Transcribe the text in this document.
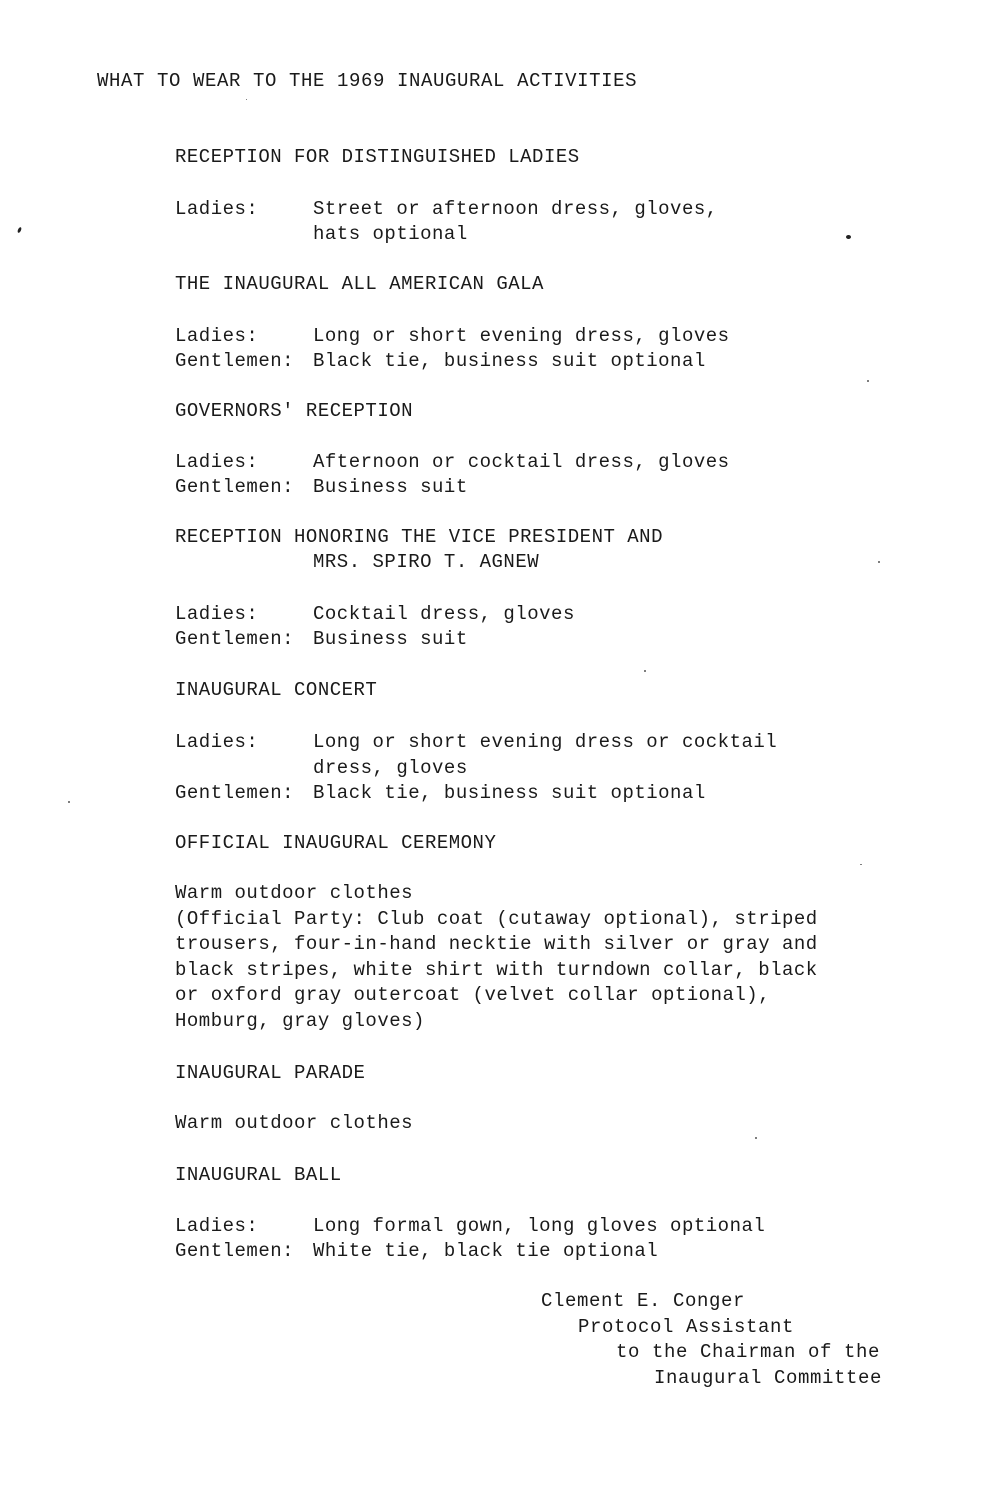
WHAT TO WEAR TO THE 1969 INAUGURAL ACTIVITIES
RECEPTION FOR DISTINGUISHED LADIES
Ladies:	Street or afternoon dress, gloves,
hats optional
THE INAUGURAL ALL AMERICAN GALA
Ladies:	Long or short evening dress, gloves
Gentlemen: Black tie, business suit optional
GOVERNORS' RECEPTION
Ladies:	Afternoon or cocktail dress, gloves
Gentlemen: Business suit
RECEPTION HONORING THE VICE PRESIDENT AND
MRS. SPIRO T. AGNEW
Ladies:	Cocktail dress, gloves
Gentlemen: Business suit
INAUGURAL CONCERT
Ladies:	Long or short evening dress or cocktail
dress, gloves
Gentlemen: Black tie, business suit optional
OFFICIAL INAUGURAL CEREMONY
Warm outdoor clothes
(Official Party: Club coat (cutaway optional), striped
trousers, four-in-hand necktie with silver or gray and
black stripes, white shirt with turndown collar, black
or oxford gray outercoat (velvet collar optional),
Homburg, gray gloves)
INAUGURAL PARADE
Warm outdoor clothes
INAUGURAL BALL
Ladies:	Long formal gown, long gloves optional
Gentlemen: White tie, black tie optional
Clement E. Conger
Protocol Assistant
to the Chairman of the
Inaugural Committee
